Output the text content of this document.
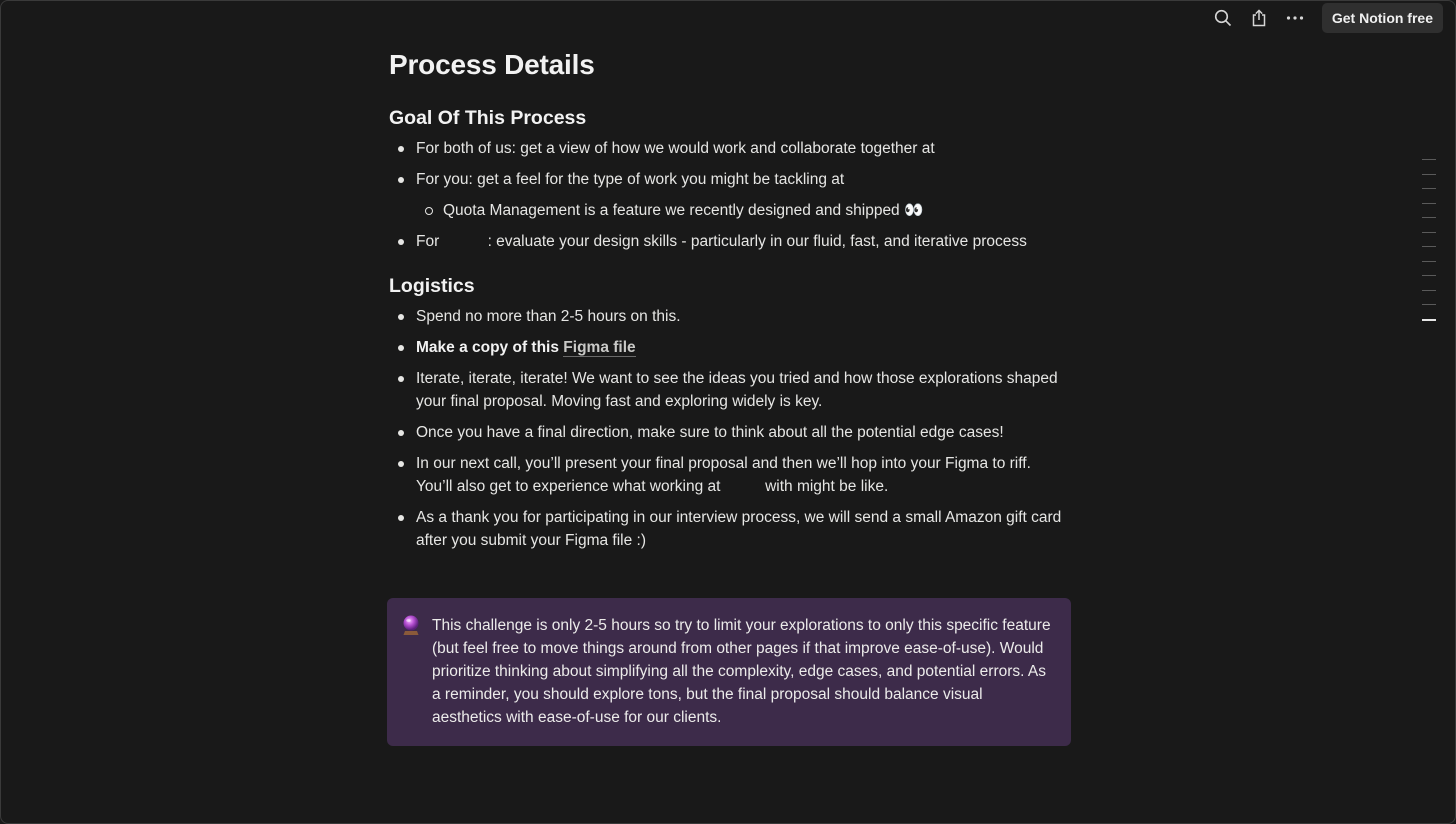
Get Notion free
Process Details
Goal Of This Process
For both of us: get a view of how we would work and collaborate together at
For you: get a feel for the type of work you might be tackling at
Quota Management is a feature we recently designed and shipped 👀
For	: evaluate your design skills - particularly in our fluid, fast, and iterative process
Logistics
Spend no more than 2-5 hours on this.
Make a copy of this Figma file
Iterate, iterate, iterate! We want to see the ideas you tried and how those explorations shaped your final proposal. Moving fast and exploring widely is key.
Once you have a final direction, make sure to think about all the potential edge cases!
In our next call, you’ll present your final proposal and then we’ll hop into your Figma to riff. You’ll also get to experience what working at	with might be like.
As a thank you for participating in our interview process, we will send a small Amazon gift card after you submit your Figma file :)
This challenge is only 2-5 hours so try to limit your explorations to only this specific feature (but feel free to move things around from other pages if that improve ease-of-use). Would prioritize thinking about simplifying all the complexity, edge cases, and potential errors. As a reminder, you should explore tons, but the final proposal should balance visual aesthetics with ease-of-use for our clients.
